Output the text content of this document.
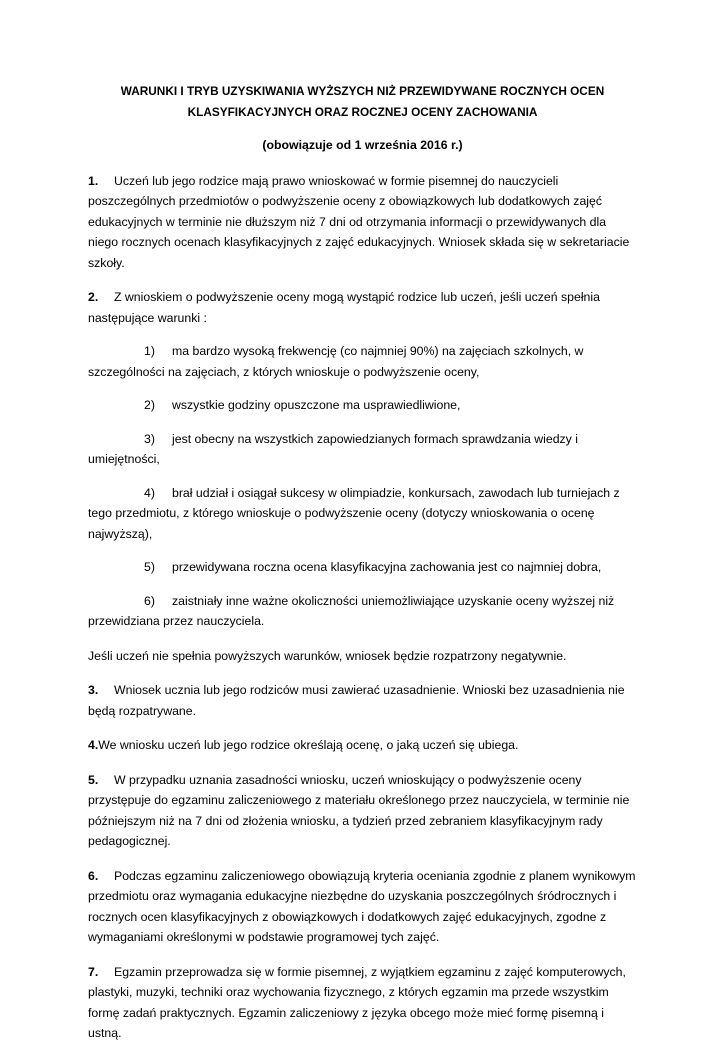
WARUNKI I TRYB UZYSKIWANIA WYŻSZYCH NIŻ PRZEWIDYWANE ROCZNYCH OCEN
KLASYFIKACYJNYCH ORAZ ROCZNEJ OCENY ZACHOWANIA

(obowiązuje od 1 września 2016 r.)

1. Uczeń lub jego rodzice mają prawo wnioskować w formie pisemnej do nauczycieli poszczególnych przedmiotów o podwyższenie oceny z obowiązkowych lub dodatkowych zajęć edukacyjnych w terminie nie dłuższym niż 7 dni od otrzymania informacji o przewidywanych dla niego rocznych ocenach klasyfikacyjnych z zajęć edukacyjnych. Wniosek składa się w sekretariacie szkoły.

2. Z wnioskiem o podwyższenie oceny mogą wystąpić rodzice lub uczeń, jeśli uczeń spełnia następujące warunki :

1) ma bardzo wysoką frekwencję (co najmniej 90%) na zajęciach szkolnych, w szczególności na zajęciach, z których wnioskuje o podwyższenie oceny,

2) wszystkie godziny opuszczone ma usprawiedliwione,

3) jest obecny na wszystkich zapowiedzianych formach sprawdzania wiedzy i umiejętności,

4) brał udział i osiągał sukcesy w olimpiadzie, konkursach, zawodach lub turniejach z tego przedmiotu, z którego wnioskuje o podwyższenie oceny (dotyczy wnioskowania o ocenę najwyższą),

5) przewidywana roczna ocena klasyfikacyjna zachowania jest co najmniej dobra,

6) zaistniały inne ważne okoliczności uniemożliwiające uzyskanie oceny wyższej niż przewidziana przez nauczyciela.

Jeśli uczeń nie spełnia powyższych warunków, wniosek będzie rozpatrzony negatywnie.

3. Wniosek ucznia lub jego rodziców musi zawierać uzasadnienie. Wnioski bez uzasadnienia nie będą rozpatrywane.

4.We wniosku uczeń lub jego rodzice określają ocenę, o jaką uczeń się ubiega.

5. W przypadku uznania zasadności wniosku, uczeń wnioskujący o podwyższenie oceny przystępuje do egzaminu zaliczeniowego z materiału określonego przez nauczyciela, w terminie nie późniejszym niż na 7 dni od złożenia wniosku, a tydzień przed zebraniem klasyfikacyjnym rady pedagogicznej.

6. Podczas egzaminu zaliczeniowego obowiązują kryteria oceniania zgodnie z planem wynikowym przedmiotu oraz wymagania edukacyjne niezbędne do uzyskania poszczególnych śródrocznych i rocznych ocen klasyfikacyjnych z obowiązkowych i dodatkowych zajęć edukacyjnych, zgodne z wymaganiami określonymi w podstawie programowej tych zajęć.

7. Egzamin przeprowadza się w formie pisemnej, z wyjątkiem egzaminu z zajęć komputerowych, plastyki, muzyki, techniki oraz wychowania fizycznego, z których egzamin ma przede wszystkim formę zadań praktycznych. Egzamin zaliczeniowy z języka obcego może mieć formę pisemną i ustną.
